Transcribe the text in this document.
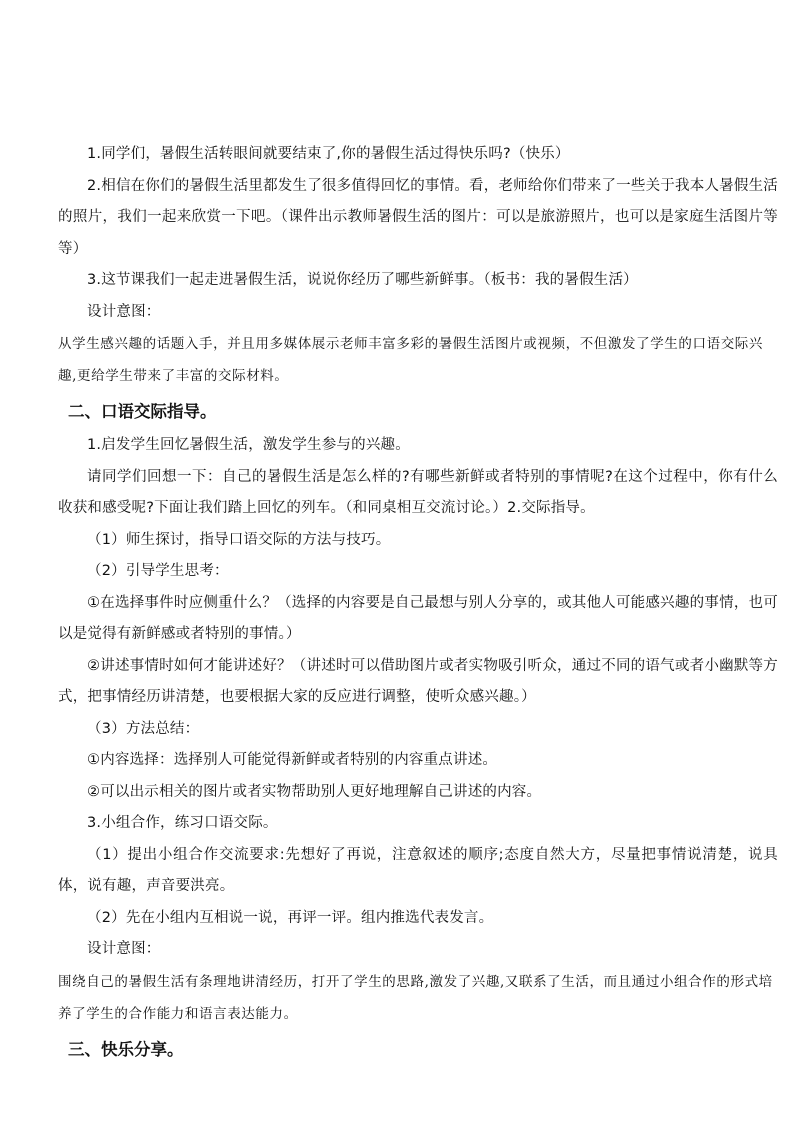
1.同学们，暑假生活转眼间就要结束了,你的暑假生活过得快乐吗?（快乐）

2.相信在你们的暑假生活里都发生了很多值得回忆的事情。看，老师给你们带来了一些关于我本人暑假生活的照片，我们一起来欣赏一下吧。（课件出示教师暑假生活的图片：可以是旅游照片，也可以是家庭生活图片等等）

3.这节课我们一起走进暑假生活，说说你经历了哪些新鲜事。（板书：我的暑假生活）

设计意图：

从学生感兴趣的话题入手，并且用多媒体展示老师丰富多彩的暑假生活图片或视频，不但激发了学生的口语交际兴趣,更给学生带来了丰富的交际材料。

二、口语交际指导。

1.启发学生回忆暑假生活，激发学生参与的兴趣。

请同学们回想一下：自己的暑假生活是怎么样的?有哪些新鲜或者特别的事情呢?在这个过程中，你有什么收获和感受呢?下面让我们踏上回忆的列车。（和同桌相互交流讨论。）2.交际指导。

（1）师生探讨，指导口语交际的方法与技巧。

（2）引导学生思考：

①在选择事件时应侧重什么？（选择的内容要是自己最想与别人分享的，或其他人可能感兴趣的事情，也可以是觉得有新鲜感或者特别的事情。）

②讲述事情时如何才能讲述好？（讲述时可以借助图片或者实物吸引听众，通过不同的语气或者小幽默等方式，把事情经历讲清楚，也要根据大家的反应进行调整，使听众感兴趣。）

（3）方法总结：

①内容选择：选择别人可能觉得新鲜或者特别的内容重点讲述。

②可以出示相关的图片或者实物帮助别人更好地理解自己讲述的内容。

3.小组合作，练习口语交际。

（1）提出小组合作交流要求:先想好了再说，注意叙述的顺序;态度自然大方，尽量把事情说清楚，说具体，说有趣，声音要洪亮。

（2）先在小组内互相说一说，再评一评。组内推选代表发言。

设计意图：

围绕自己的暑假生活有条理地讲清经历，打开了学生的思路,激发了兴趣,又联系了生活，而且通过小组合作的形式培养了学生的合作能力和语言表达能力。

三、快乐分享。
